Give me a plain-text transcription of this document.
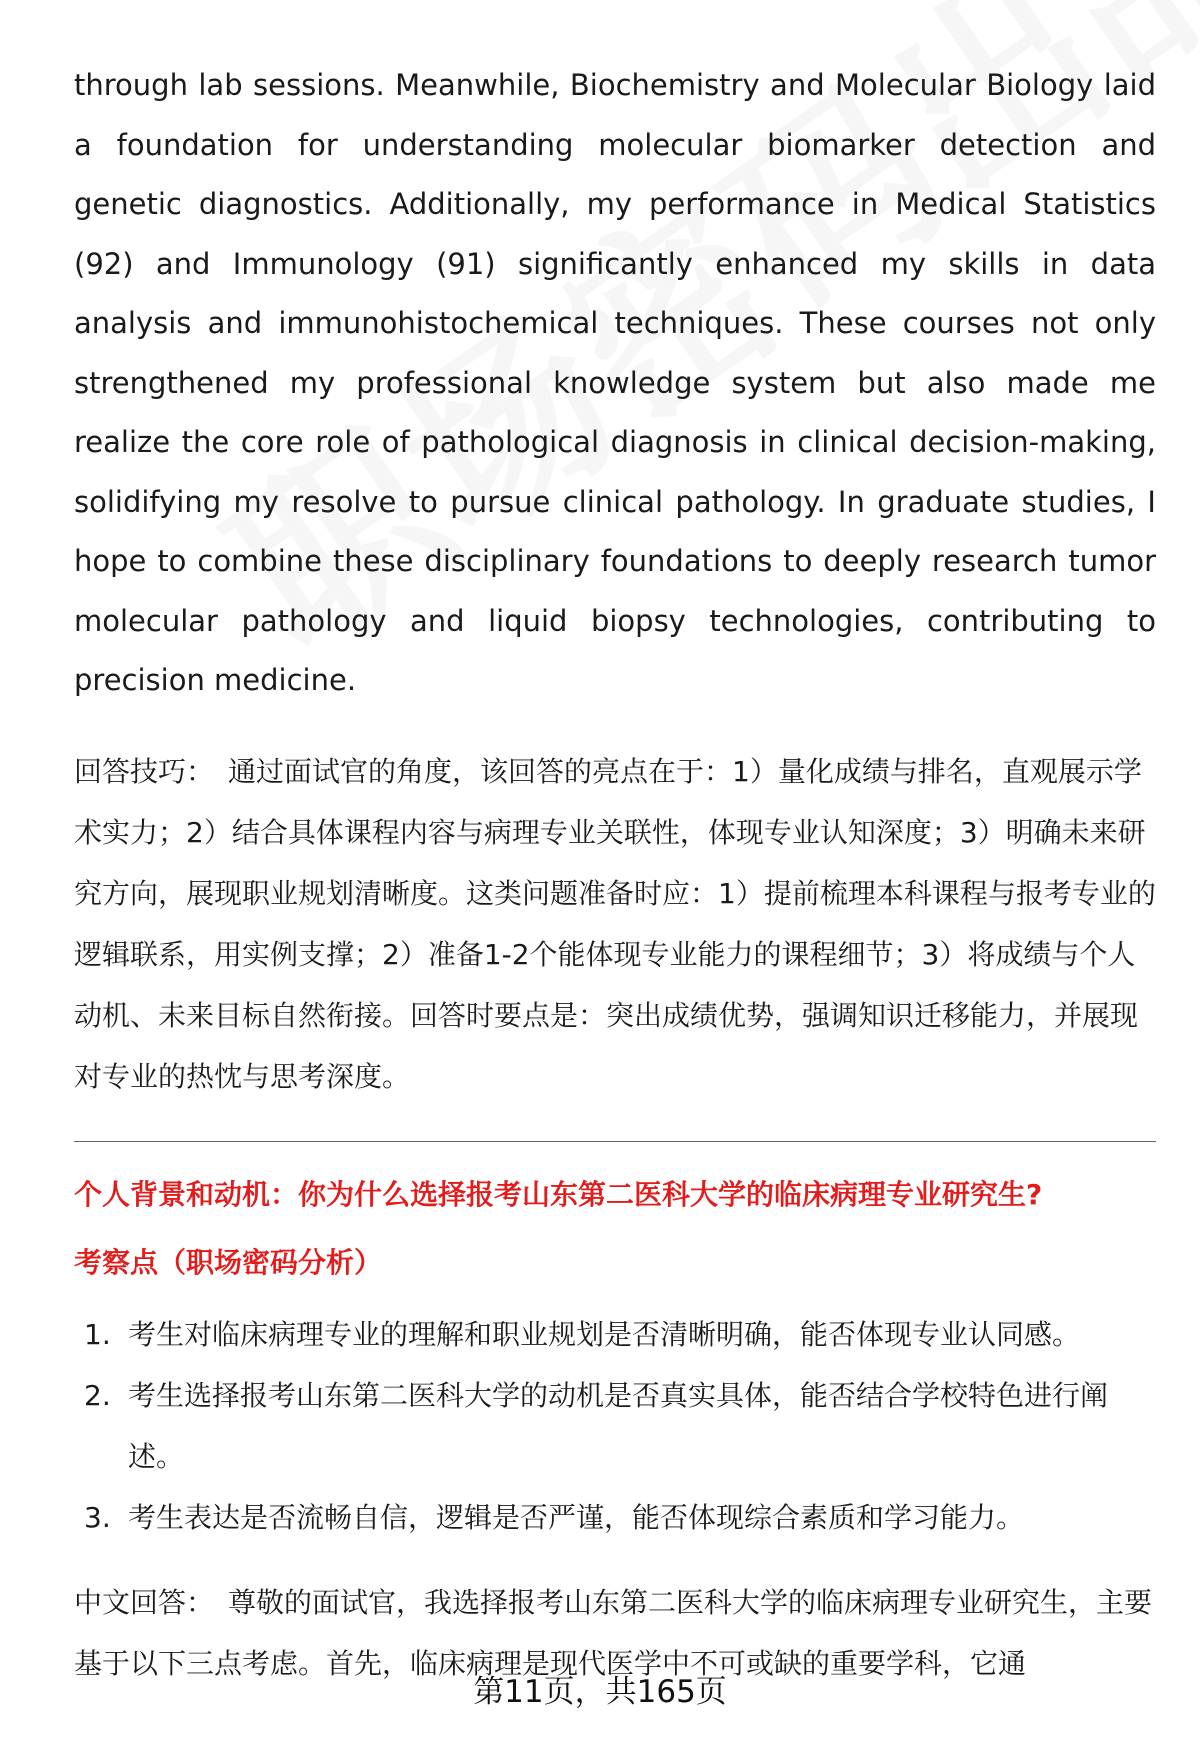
through lab sessions. Meanwhile, Biochemistry and Molecular Biology laid a foundation for understanding molecular biomarker detection and genetic diagnostics. Additionally, my performance in Medical Statistics (92) and Immunology (91) significantly enhanced my skills in data analysis and immunohistochemical techniques. These courses not only strengthened my professional knowledge system but also made me realize the core role of pathological diagnosis in clinical decision-making, solidifying my resolve to pursue clinical pathology. In graduate studies, I hope to combine these disciplinary foundations to deeply research tumor molecular pathology and liquid biopsy technologies, contributing to precision medicine.

回答技巧： 通过面试官的角度，该回答的亮点在于：1）量化成绩与排名，直观展示学术实力；2）结合具体课程内容与病理专业关联性，体现专业认知深度；3）明确未来研究方向，展现职业规划清晰度。这类问题准备时应：1）提前梳理本科课程与报考专业的逻辑联系，用实例支撑；2）准备1-2个能体现专业能力的课程细节；3）将成绩与个人动机、未来目标自然衔接。回答时要点是：突出成绩优势，强调知识迁移能力，并展现对专业的热忱与思考深度。

个人背景和动机：你为什么选择报考山东第二医科大学的临床病理专业研究生?

考察点（职场密码分析）

1. 考生对临床病理专业的理解和职业规划是否清晰明确，能否体现专业认同感。
2. 考生选择报考山东第二医科大学的动机是否真实具体，能否结合学校特色进行阐述。
3. 考生表达是否流畅自信，逻辑是否严谨，能否体现综合素质和学习能力。

中文回答： 尊敬的面试官，我选择报考山东第二医科大学的临床病理专业研究生，主要基于以下三点考虑。首先，临床病理是现代医学中不可或缺的重要学科，它通

第11页，共165页
